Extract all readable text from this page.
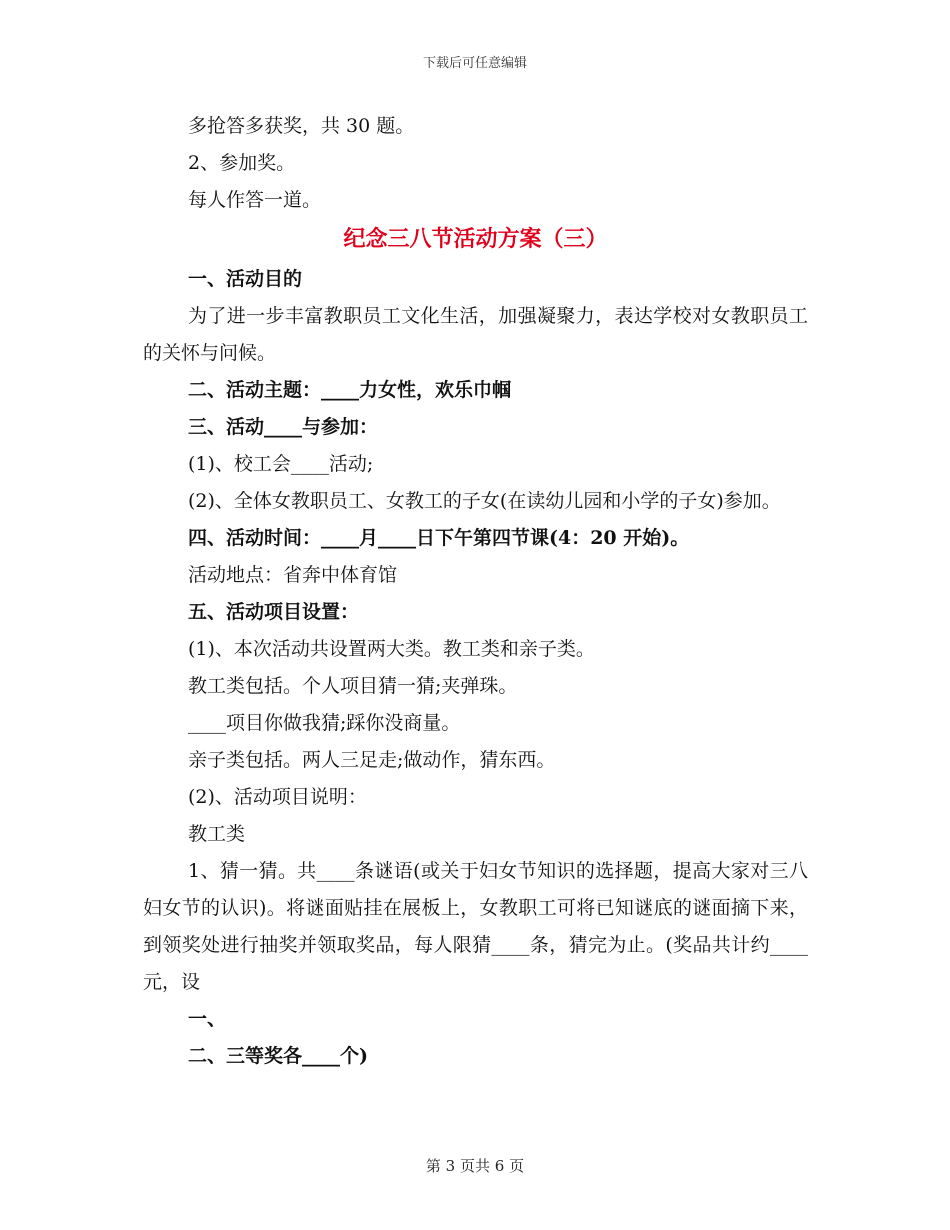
下载后可任意编辑
多抢答多获奖，共 30 题。
2、参加奖。
每人作答一道。
纪念三八节活动方案（三）
一、活动目的
为了进一步丰富教职员工文化生活，加强凝聚力，表达学校对女教职员工的关怀与问候。
二、活动主题：____力女性，欢乐巾帼
三、活动____与参加：
(1)、校工会____活动;
(2)、全体女教职员工、女教工的子女(在读幼儿园和小学的子女)参加。
四、活动时间：____月____日下午第四节课(4：20 开始)。
活动地点：省奔中体育馆
五、活动项目设置：
(1)、本次活动共设置两大类。教工类和亲子类。
教工类包括。个人项目猜一猜;夹弹珠。
____项目你做我猜;踩你没商量。
亲子类包括。两人三足走;做动作，猜东西。
(2)、活动项目说明：
教工类
1、猜一猜。共____条谜语(或关于妇女节知识的选择题，提高大家对三八妇女节的认识)。将谜面贴挂在展板上，女教职工可将已知谜底的谜面摘下来，到领奖处进行抽奖并领取奖品，每人限猜____条，猜完为止。(奖品共计约____元，设
一、
二、三等奖各____个)
第 3 页共 6 页
